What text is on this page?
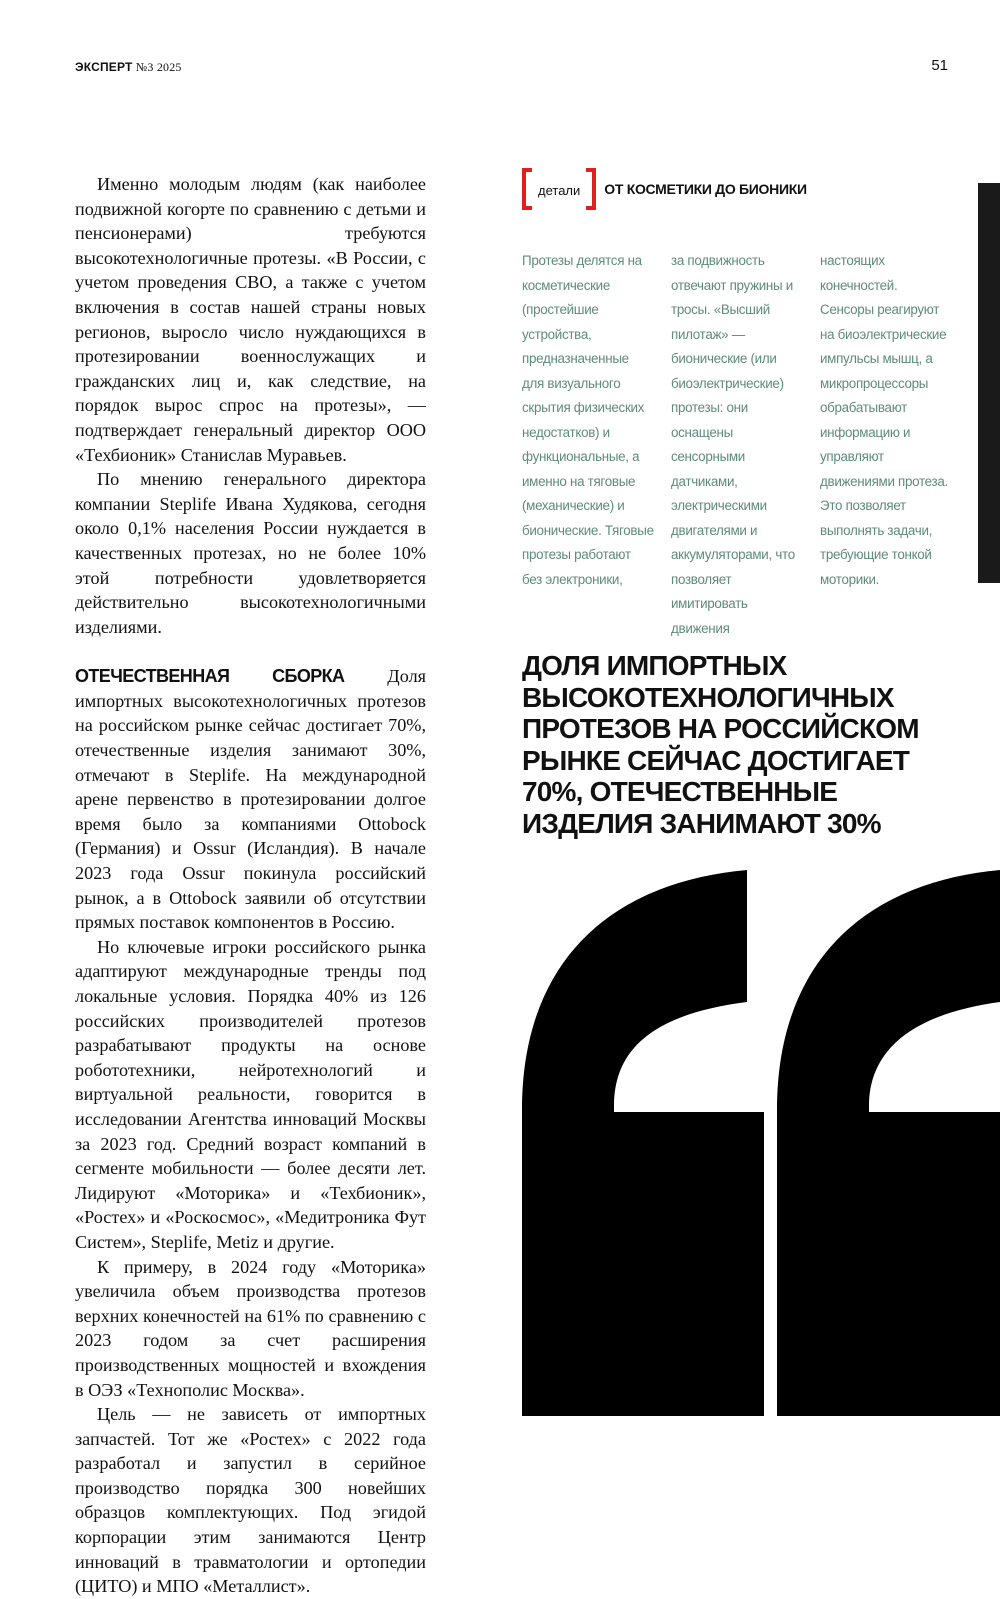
ЭКСПЕРТ №3 2025	51

Именно молодым людям (как наиболее подвижной когорте по сравнению с детьми и пенсионерами) требуются высокотехнологичные протезы. «В России, с учетом проведения СВО, а также с учетом включения в состав нашей страны новых регионов, выросло число нуждающихся в протезировании военнослужащих и гражданских лиц и, как следствие, на порядок вырос спрос на протезы», — подтверждает генеральный директор ООО «Техбионик» Станислав Муравьев.

По мнению генерального директора компании Steplife Ивана Худякова, сегодня около 0,1% населения России нуждается в качественных протезах, но не более 10% этой потребности удовлетворяется действительно высокотехнологичными изделиями.

ОТЕЧЕСТВЕННАЯ СБОРКА Доля импортных высокотехнологичных протезов на российском рынке сейчас достигает 70%, отечественные изделия занимают 30%, отмечают в Steplife. На международной арене первенство в протезировании долгое время было за компаниями Ottobock (Германия) и Ossur (Исландия). В начале 2023 года Ossur покинула российский рынок, а в Ottobock заявили об отсутствии прямых поставок компонентов в Россию.

Но ключевые игроки российского рынка адаптируют международные тренды под локальные условия. Порядка 40% из 126 российских производителей протезов разрабатывают продукты на основе робототехники, нейротехнологий и виртуальной реальности, говорится в исследовании Агентства инноваций Москвы за 2023 год. Средний возраст компаний в сегменте мобильности — более десяти лет. Лидируют «Моторика» и «Техбионик», «Ростех» и «Роскосмос», «Медитроника Фут Систем», Steplife, Metiz и другие.

К примеру, в 2024 году «Моторика» увеличила объем производства протезов верхних конечностей на 61% по сравнению с 2023 годом за счет расширения производственных мощностей и вхождения в ОЭЗ «Технополис Москва».

Цель — не зависеть от импортных запчастей. Тот же «Ростех» с 2022 года разработал и запустил в серийное производство порядка 300 новейших образцов комплектующих. Под эгидой корпорации этим занимаются Центр инноваций в травматологии и ортопедии (ЦИТО) и МПО «Металлист».

детали	ОТ КОСМЕТИКИ ДО БИОНИКИ
Протезы делятся на косметические (простейшие устройства, предназначенные для визуального скрытия физических недостатков) и функциональные, а именно на тяговые (механические) и бионические. Тяговые протезы работают без электроники,
за подвижность отвечают пружины и тросы. «Высший пилотаж» — бионические (или биоэлектрические) протезы: они оснащены сенсорными датчиками, электрическими двигателями и аккумуляторами, что позволяет имитировать движения
настоящих конечностей. Сенсоры реагируют на биоэлектрические импульсы мышц, а микропроцессоры обрабатывают информацию и управляют движениями протеза. Это позволяет выполнять задачи, требующие тонкой моторики.
ДОЛЯ ИМПОРТНЫХ ВЫСОКОТЕХНОЛОГИЧНЫХ ПРОТЕЗОВ НА РОССИЙСКОМ РЫНКЕ СЕЙЧАС ДОСТИГАЕТ 70%, ОТЕЧЕСТВЕННЫЕ ИЗДЕЛИЯ ЗАНИМАЮТ 30%
